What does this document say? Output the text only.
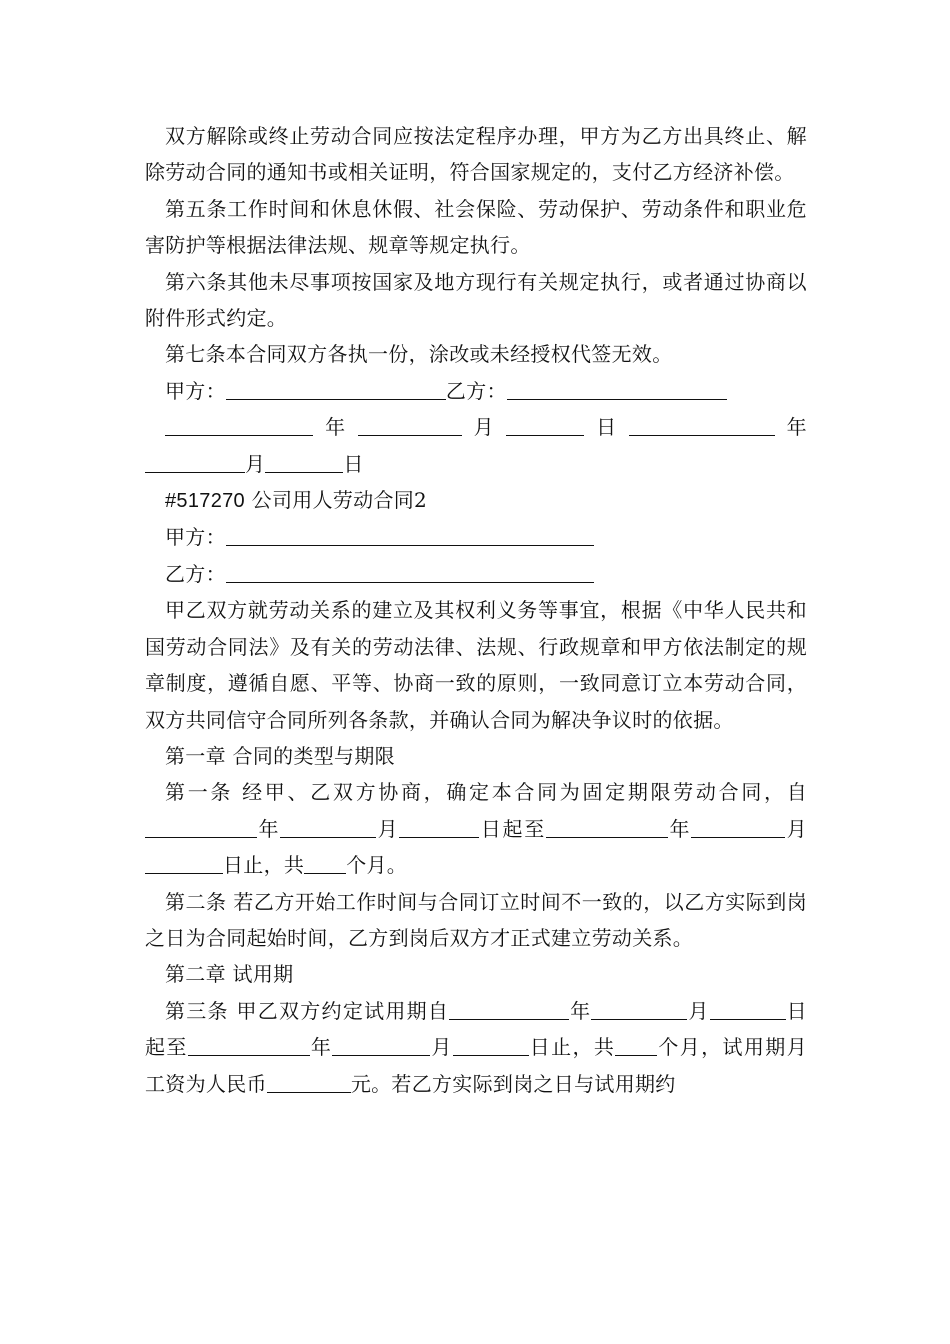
双方解除或终止劳动合同应按法定程序办理，甲方为乙方出具终止、解除劳动合同的通知书或相关证明，符合国家规定的，支付乙方经济补偿。

第五条工作时间和休息休假、社会保险、劳动保护、劳动条件和职业危害防护等根据法律法规、规章等规定执行。

第六条其他未尽事项按国家及地方现行有关规定执行，或者通过协商以附件形式约定。

第七条本合同双方各执一份，涂改或未经授权代签无效。

甲方：	乙方：

年	月	日	年月	日

#517270 公司用人劳动合同2

甲方：

乙方：

甲乙双方就劳动关系的建立及其权利义务等事宜，根据《中华人民共和国劳动合同法》及有关的劳动法律、法规、行政规章和甲方依法制定的规章制度，遵循自愿、平等、协商一致的原则，一致同意订立本劳动合同，双方共同信守合同所列各条款，并确认合同为解决争议时的依据。

第一章 合同的类型与期限

第一条 经甲、乙双方协商，确定本合同为固定期限劳动合同，自年	月	日起至	年	月日止，共 个月。

第二条 若乙方开始工作时间与合同订立时间不一致的，以乙方实际到岗之日为合同起始时间，乙方到岗后双方才正式建立劳动关系。

第二章 试用期

第三条 甲乙双方约定试用期自	年	月	日起至	年	月	日止，共 个月，试用期月工资为人民币	元。若乙方实际到岗之日与试用期约
